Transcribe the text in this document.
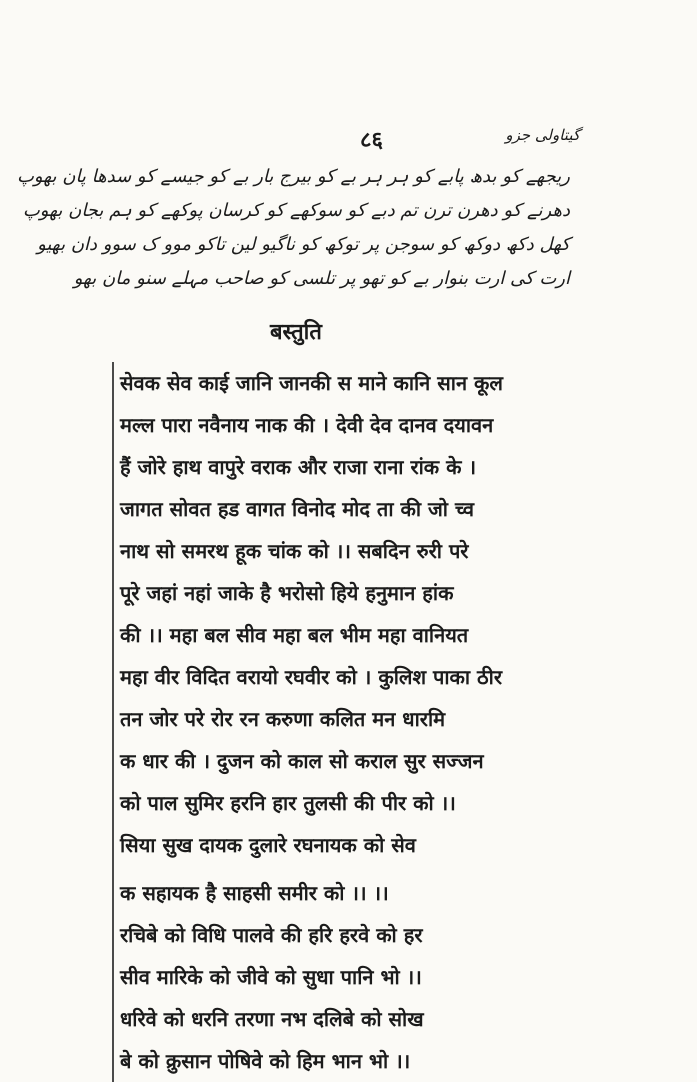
८६	گیتاولی جزو
ریجھے کو بدھ پابے کو ہر ہر بے کو بیرج بار بے کو جیسے کو سدھا پان بھوپ
دھرنے کو دھرن ترن تم دبے کو سوکھے کو کرسان پوکھے کو ہم بجان بھوپ
کھل دکھ دوکھ کو سوجن پر توکھ کو ناگیو لین تاکو موو ک سوو دان بھیو
ارت کی ارت بنوار بے کو تھو پر تلسی کو صاحب مہلے سنو مان بھو
बस्तुति
सेवक सेव काई जानि जानकी स माने कानि सान कूल
मल्ल पारा नवैनाय नाक की । देवी देव दानव दयावन
हैं जोरे हाथ वापुरे वराक और राजा राना रांक के ।
जागत सोवत हड वागत विनोद मोद ता की जो च्व
नाथ सो समरथ हूक चांक को ।। सबदिन रुरी परे
पूरे जहां नहां जाके है भरोसो हिये हनुमान हांक
की ।। महा बल सीव महा बल भीम महा वानियत
महा वीर विदित वरायो रघवीर को । कुलिश पाका ठीर
तन जोर परे रोर रन करुणा कलित मन धारमि
क धार की । दुजन को काल सो कराल सुर सज्जन
को पाल सुमिर हरनि हार तुलसी की पीर को ।।
सिया सुख दायक दुलारे रघनायक को सेव
क सहायक है साहसी समीर को ।। ।।
रचिबे को विधि पालवे की हरि हरवे को हर
सीव मारिके को जीवे को सुधा पानि भो ।।
धरिवे को धरनि तरणा नभ दलिबे को सोख
बे को क्रुसान पोषिवे को हिम भान भो ।।
